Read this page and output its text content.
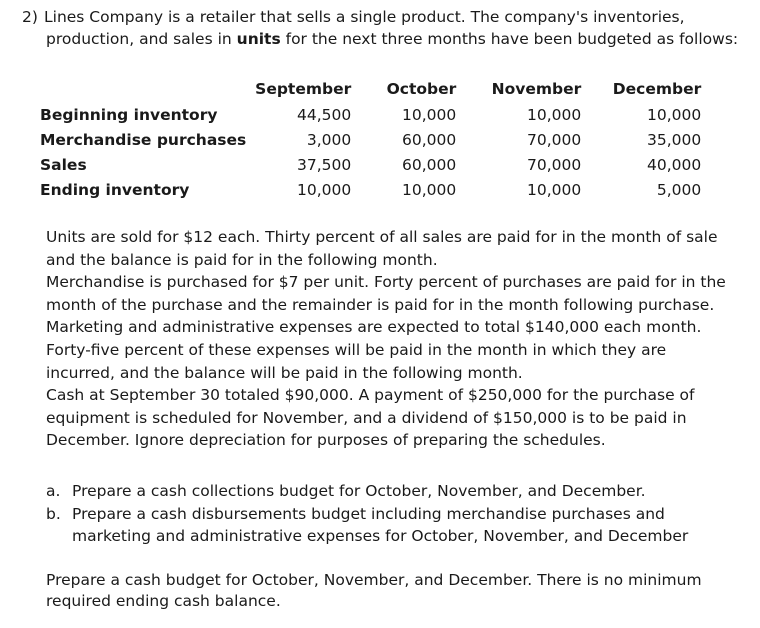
2) Lines Company is a retailer that sells a single product. The company's inventories,
production, and sales in units for the next three months have been budgeted as follows:
	September	October	November	December
Beginning inventory	44,500	10,000	10,000	10,000
Merchandise purchases	3,000	60,000	70,000	35,000
Sales	37,500	60,000	70,000	40,000
Ending inventory	10,000	10,000	10,000	5,000

Units are sold for $12 each. Thirty percent of all sales are paid for in the month of sale and the balance is paid for in the following month.

Merchandise is purchased for $7 per unit. Forty percent of purchases are paid for in the month of the purchase and the remainder is paid for in the month following purchase.

Marketing and administrative expenses are expected to total $140,000 each month. Forty-five percent of these expenses will be paid in the month in which they are incurred, and the balance will be paid in the following month.

Cash at September 30 totaled $90,000. A payment of $250,000 for the purchase of equipment is scheduled for November, and a dividend of $150,000 is to be paid in December. Ignore depreciation for purposes of preparing the schedules.

a. Prepare a cash collections budget for October, November, and December.
b. Prepare a cash disbursements budget including merchandise purchases and marketing and administrative expenses for October, November, and December
Prepare a cash budget for October, November, and December. There is no minimum required ending cash balance.
